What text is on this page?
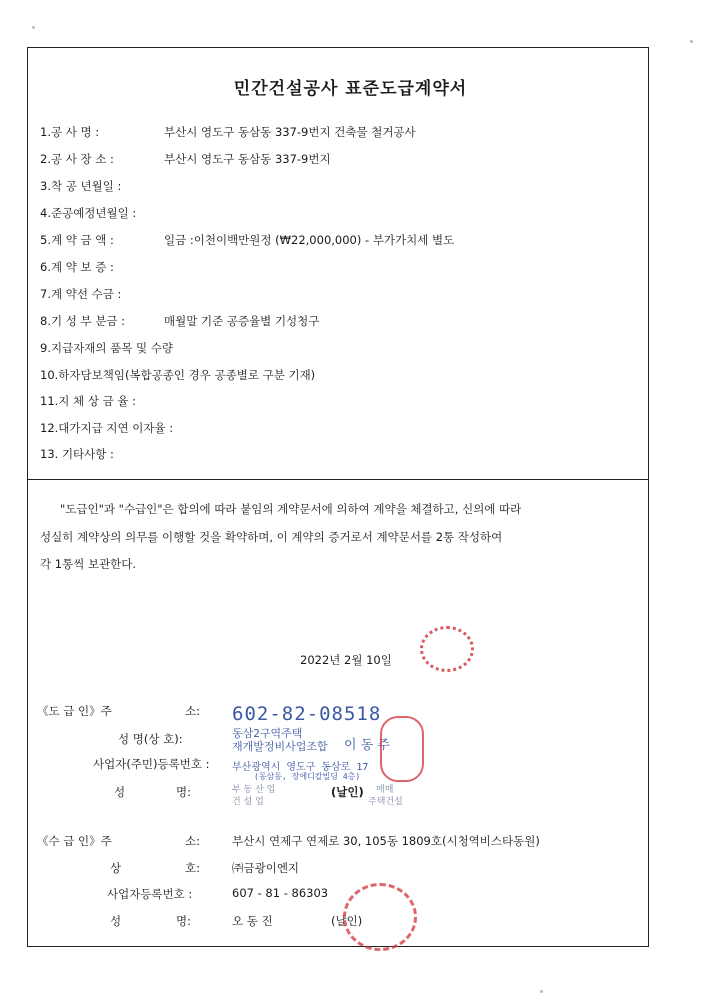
민간건설공사 표준도급계약서
1.공 사 명 :	부산시 영도구 동삼동 337-9번지 건축물 철거공사
2.공 사 장 소 :	부산시 영도구 동삼동 337-9번지
3.착 공 년월일 :
4.준공예정년월일 :
5.계 약 금 액 :	일금 :이천이백만원정 (₩22,000,000) - 부가가치세 별도
6.계 약 보 증 :
7.계 약선 수금 :
8.기 성 부 분금 :	매월말 기준 공증율별 기성청구
9.지급자재의 품목 및 수량
10.하자담보책임(복합공종인 경우 공종별로 구분 기재)
11.지 체 상 금 율 :
12.대가지급 지연 이자율 :
13. 기타사항 :
"도급인"과 "수급인"은 합의에 따라 붙임의 계약문서에 의하여 계약을 체결하고, 신의에 따라
성실히 계약상의 의무를 이행할 것을 확약하며, 이 계약의 증거로서 계약문서를 2통 작성하여
각 1통씩 보관한다.
2022년 2월 10일
《도 급 인》주	소: 602-82-08518
성 명(상 호):	동삼2구역주택
재개발정비사업조합 이 동 주
사업자(주민)등록번호 : 부산광역시 영도구 동삼로 17
(동삼동, 장에디칼빌딩 4층)
성	명:	부 동 산 업
건 설 업	주택건설
매매
(날인)
《수 급 인》주	소:	부산시 연제구 연제로 30, 105동 1809호(시청역비스타동원)
상	호:	㈜금광이엔지
사업자등록번호 :	607 - 81 - 86303
성	명:	오 동 진	(날인)
